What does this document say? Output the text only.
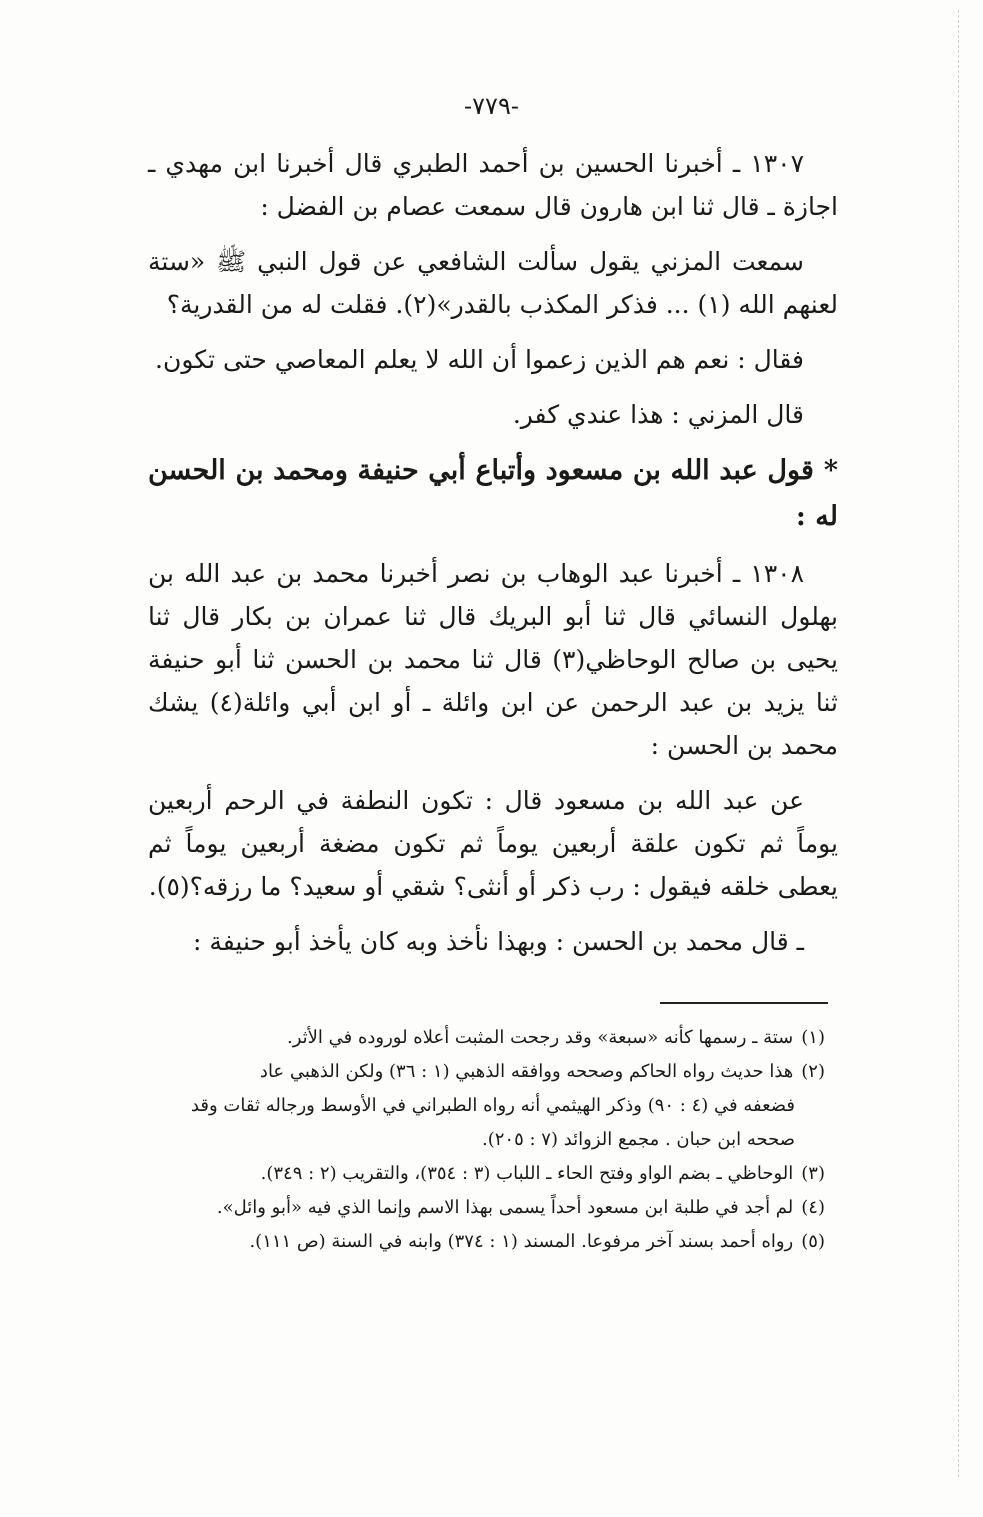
-٧٧٩-

١٣٠٧ ـ أخبرنا الحسين بن أحمد الطبري قال أخبرنا ابن مهدي ـ اجازة ـ قال ثنا ابن هارون قال سمعت عصام بن الفضل :

سمعت المزني يقول سألت الشافعي عن قول النبي ﷺ «ستة لعنهم الله (١) ... فذكر المكذب بالقدر»(٢). فقلت له من القدرية؟

فقال : نعم هم الذين زعموا أن الله لا يعلم المعاصي حتى تكون.

قال المزني : هذا عندي كفر.

*قول عبد الله بن مسعود وأتباع أبي حنيفة ومحمد بن الحسن له :

١٣٠٨ ـ أخبرنا عبد الوهاب بن نصر أخبرنا محمد بن عبد الله بن بهلول النسائي قال ثنا أبو البريك قال ثنا عمران بن بكار قال ثنا يحيى بن صالح الوحاظي(٣) قال ثنا محمد بن الحسن ثنا أبو حنيفة ثنا يزيد بن عبد الرحمن عن ابن وائلة ـ أو ابن أبي وائلة(٤) يشك محمد بن الحسن :

عن عبد الله بن مسعود قال : تكون النطفة في الرحم أربعين يوماً ثم تكون علقة أربعين يوماً ثم تكون مضغة أربعين يوماً ثم يعطى خلقه فيقول : رب ذكر أو أنثى؟ شقي أو سعيد؟ ما رزقه؟(٥).

ـ قال محمد بن الحسن : وبهذا نأخذ وبه كان يأخذ أبو حنيفة :

(١)ستة ـ رسمها كأنه «سبعة» وقد رجحت المثبت أعلاه لوروده في الأثر.

(٢)هذا حديث رواه الحاكم وصححه ووافقه الذهبي (١ : ٣٦) ولكن الذهبي عاد

فضعفه في (٤ : ٩٠) وذكر الهيثمي أنه رواه الطبراني في الأوسط ورجاله ثقات وقد

صححه ابن حبان . مجمع الزوائد (٧ : ٢٠٥).

(٣)الوحاظي ـ بضم الواو وفتح الحاء ـ اللباب (٣ : ٣٥٤)، والتقريب (٢ : ٣٤٩).

(٤)لم أجد في طلبة ابن مسعود أحداً يسمى بهذا الاسم وإنما الذي فيه «أبو وائل».

(٥)رواه أحمد بسند آخر مرفوعا. المسند (١ : ٣٧٤) وابنه في السنة (ص ١١١).
